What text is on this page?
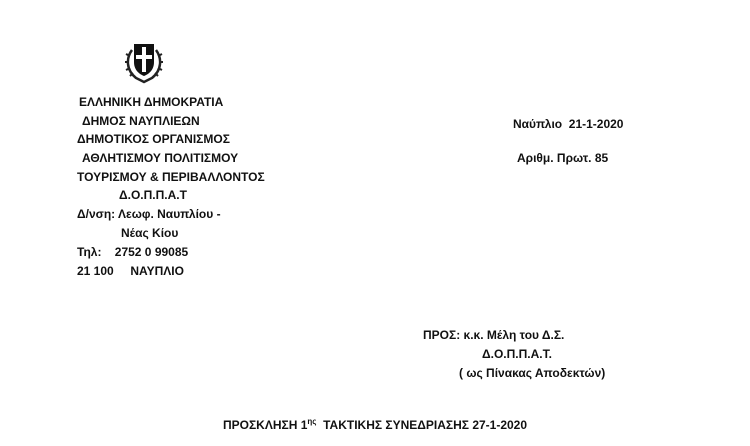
ΕΛΛΗΝΙΚΗ ΔΗΜΟΚΡΑΤΙΑ
ΔΗΜΟΣ ΝΑΥΠΛΙΕΩΝ
ΔΗΜΟΤΙΚΟΣ ΟΡΓΑΝΙΣΜΟΣ
ΑΘΛΗΤΙΣΜΟΥ ΠΟΛΙΤΙΣΜΟΥ
ΤΟΥΡΙΣΜΟΥ & ΠΕΡΙΒΑΛΛΟΝΤΟΣ
Δ.Ο.Π.Π.Α.Τ
Δ/νση: Λεωφ. Ναυπλίου -
Νέας Κίου
Τηλ:    2752 0 99085
21 100     ΝΑΥΠΛΙΟ
Ναύπλιο  21-1-2020
Αριθμ. Πρωτ. 85
ΠΡΟΣ: κ.κ. Μέλη του Δ.Σ.
Δ.Ο.Π.Π.Α.Τ.
( ως Πίνακας Αποδεκτών)
ΠΡΟΣΚΛΗΣΗ $1^{\eta\varsigma}$  ΤΑΚΤΙΚΗΣ ΣΥΝΕΔΡΙΑΣΗΣ 27-1-2020
